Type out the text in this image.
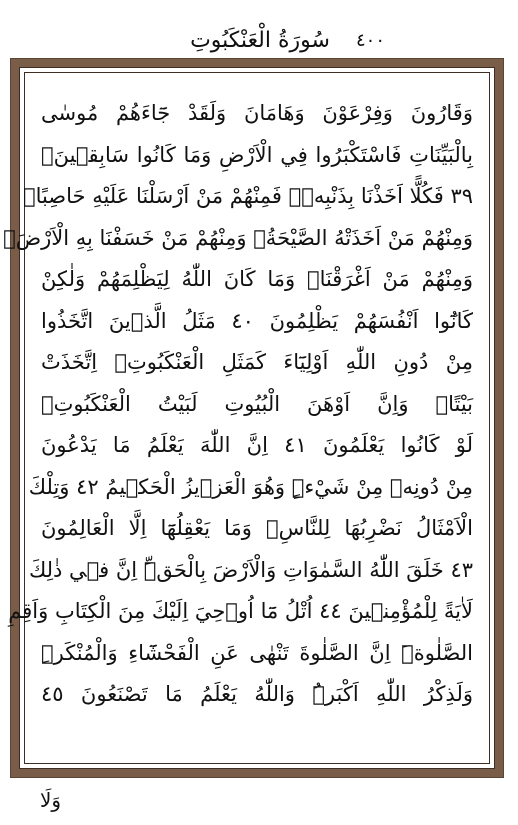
سُورَةُ الْعَنْكَبُوتِ	٤٠٠
وَقَارُونَ وَفِرْعَوْنَ وَهَامَانَ وَلَقَدْ جَٓاءَهُمْ مُوسٰى
بِالْبَيِّنَاتِ فَاسْتَكْبَرُوا فِي الْاَرْضِ وَمَا كَانُوا سَابِق۪ينَۚ
٣٩ فَكُلًّا اَخَذْنَا بِذَنْبِه۪ۚ فَمِنْهُمْ مَنْ اَرْسَلْنَا عَلَيْهِ حَاصِبًاۚ
وَمِنْهُمْ مَنْ اَخَذَتْهُ الصَّيْحَةُۚ وَمِنْهُمْ مَنْ خَسَفْنَا بِهِ الْاَرْضَۚ
وَمِنْهُمْ مَنْ اَغْرَقْنَاۚ وَمَا كَانَ اللّٰهُ لِيَظْلِمَهُمْ وَلٰكِنْ
كَانُٓوا اَنْفُسَهُمْ يَظْلِمُونَ ٤٠ مَثَلُ الَّذ۪ينَ اتَّخَذُوا
مِنْ دُونِ اللّٰهِ اَوْلِيَٓاءَ كَمَثَلِ الْعَنْكَبُوتِۚ اِتَّخَذَتْ
بَيْتًاۜ وَاِنَّ اَوْهَنَ الْبُيُوتِ لَبَيْتُ الْعَنْكَبُوتِۢ
لَوْ كَانُوا يَعْلَمُونَ ٤١ اِنَّ اللّٰهَ يَعْلَمُ مَا يَدْعُونَ
مِنْ دُونِه۪ مِنْ شَيْءٍۜ وَهُوَ الْعَز۪يزُ الْحَك۪يمُ ٤٢ وَتِلْكَ
الْاَمْثَالُ نَضْرِبُهَا لِلنَّاسِۚ وَمَا يَعْقِلُهَٓا اِلَّا الْعَالِمُونَ
٤٣ خَلَقَ اللّٰهُ السَّمٰوَاتِ وَالْاَرْضَ بِالْحَقِّۜ اِنَّ ف۪ي ذٰلِكَ
لَاٰيَةً لِلْمُؤْمِن۪ينَ ٤٤ اُتْلُ مَٓا اُو۫حِيَ اِلَيْكَ مِنَ الْكِتَابِ وَاَقِمِ
الصَّلٰوةَۜ اِنَّ الصَّلٰوةَ تَنْهٰى عَنِ الْفَحْشَٓاءِ وَالْمُنْكَرِۜ
وَلَذِكْرُ اللّٰهِ اَكْبَرُۜ وَاللّٰهُ يَعْلَمُ مَا تَصْنَعُونَ ٤٥
وَلَا
